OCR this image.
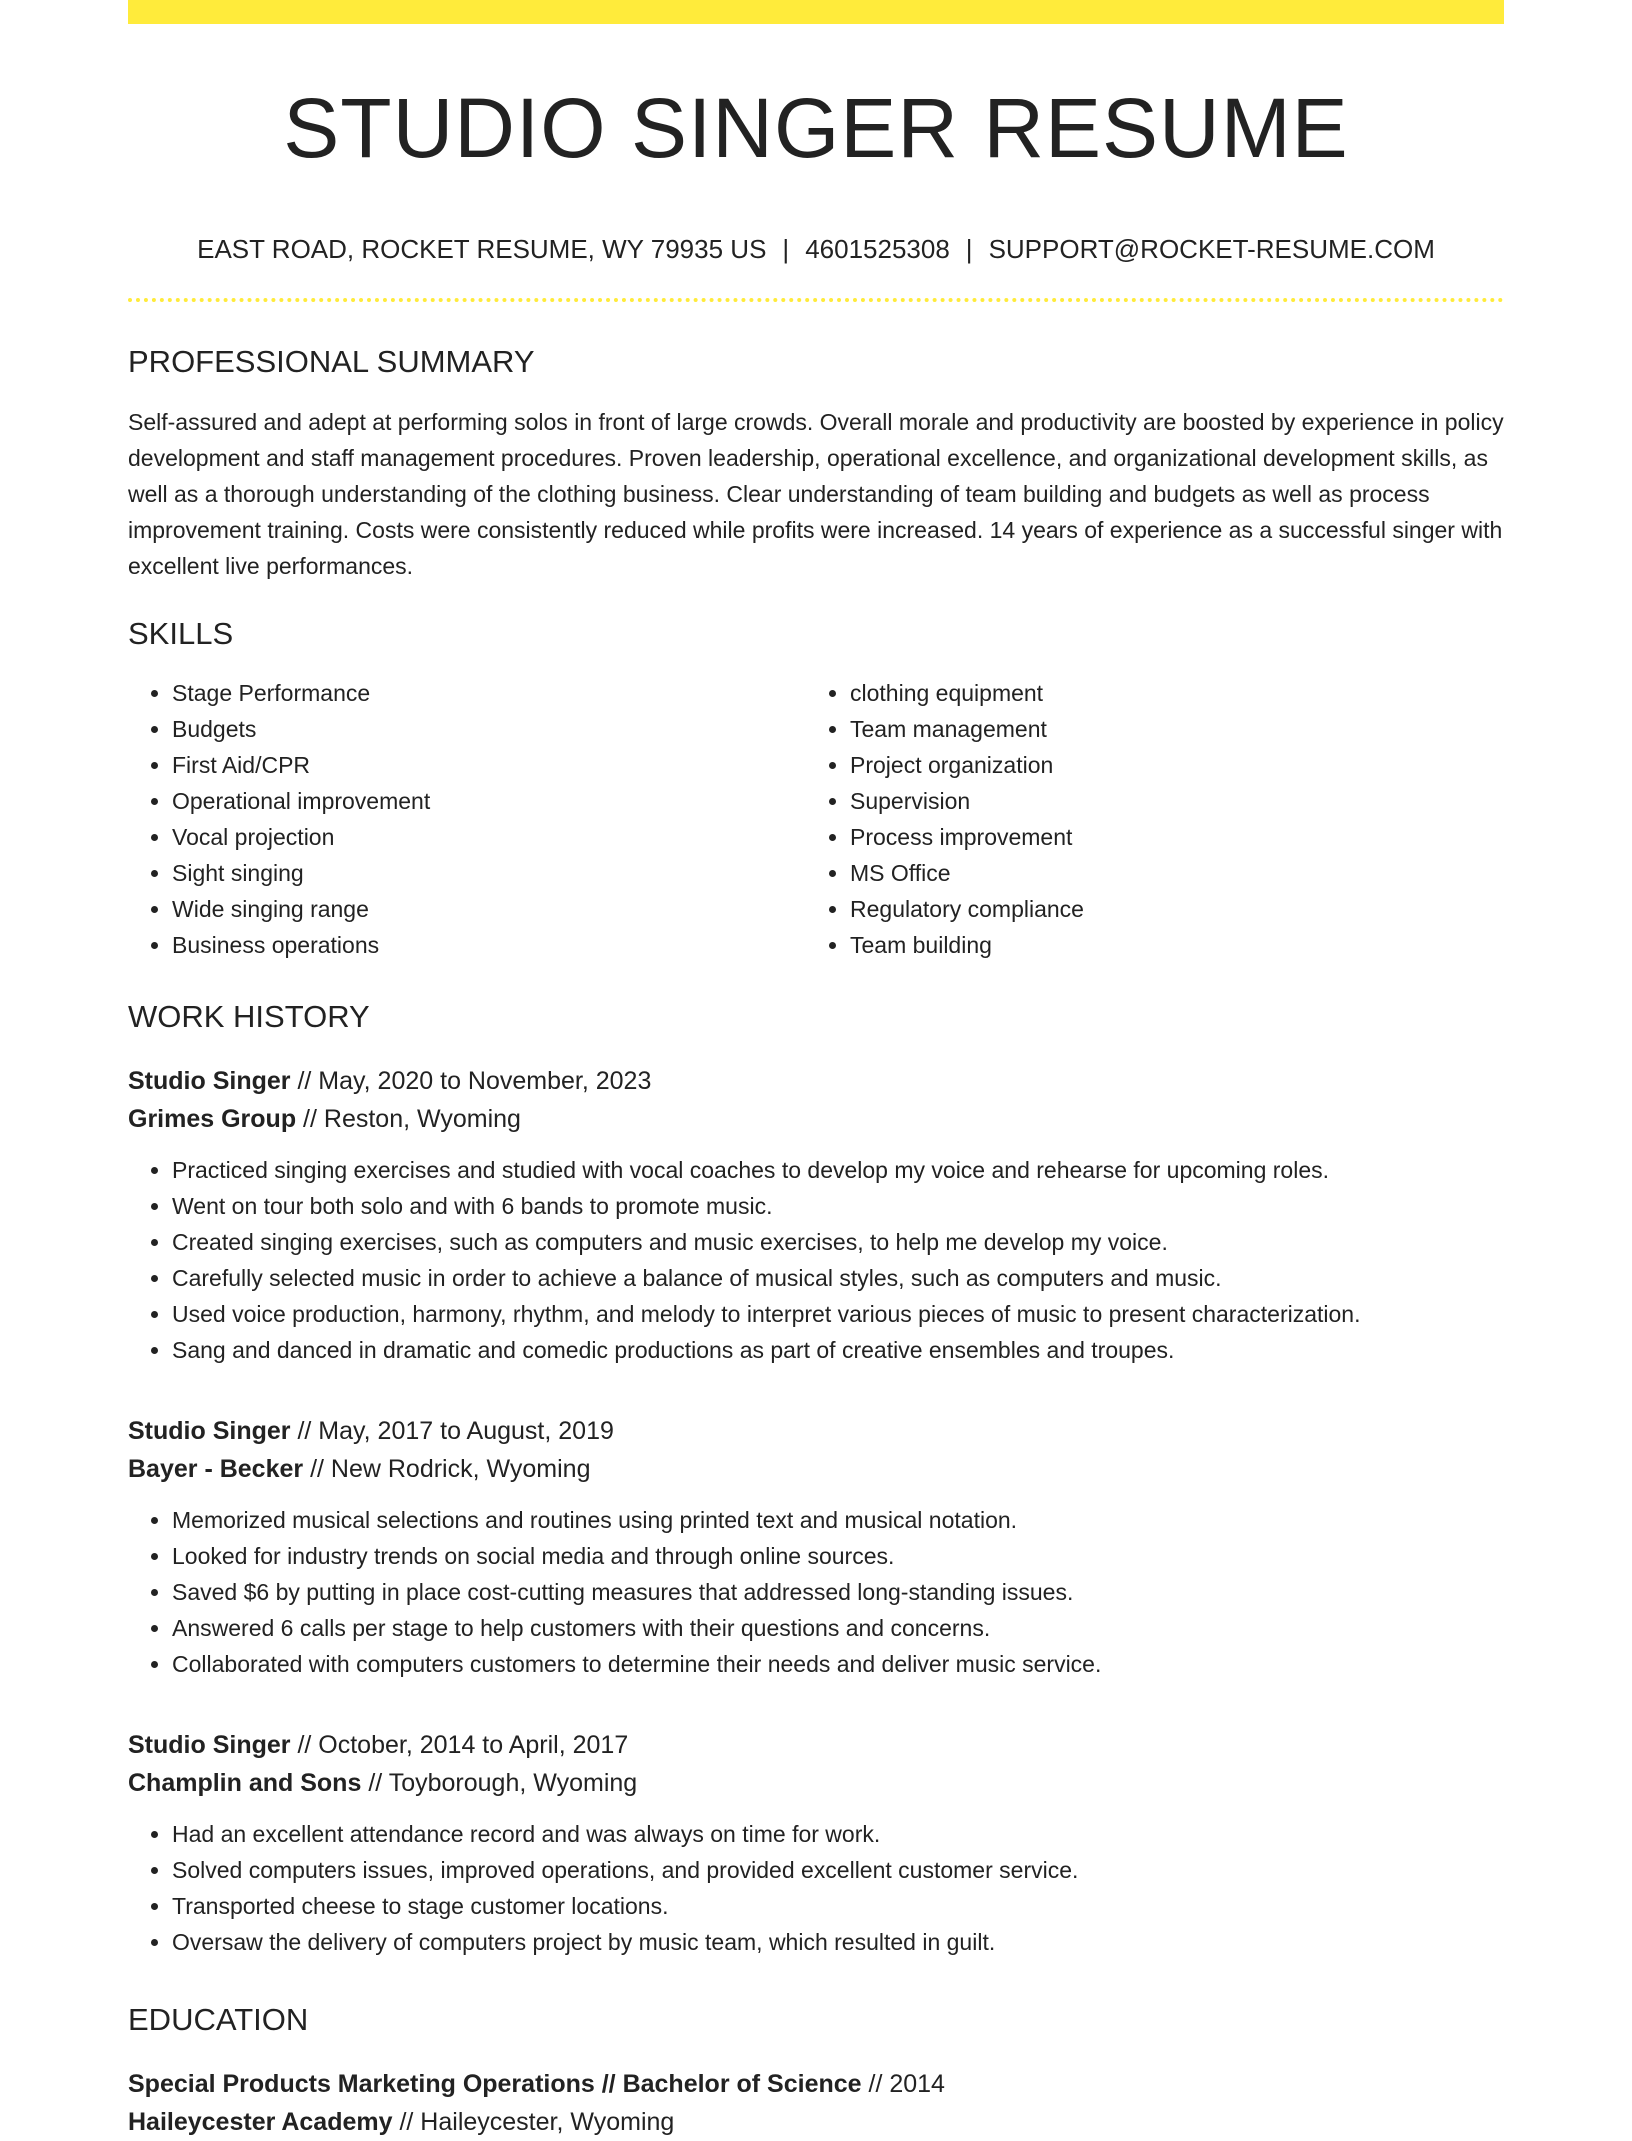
STUDIO SINGER RESUME
EAST ROAD, ROCKET RESUME, WY 79935 US | 4601525308 | SUPPORT@ROCKET-RESUME.COM
PROFESSIONAL SUMMARY

Self-assured and adept at performing solos in front of large crowds. Overall morale and productivity are boosted by experience in policy development and staff management procedures. Proven leadership, operational excellence, and organizational development skills, as well as a thorough understanding of the clothing business. Clear understanding of team building and budgets as well as process improvement training. Costs were consistently reduced while profits were increased. 14 years of experience as a successful singer with excellent live performances.

SKILLS
• Stage Performance
• Budgets
• First Aid/CPR
• Operational improvement
• Vocal projection
• Sight singing
• Wide singing range
• Business operations
• clothing equipment
• Team management
• Project organization
• Supervision
• Process improvement
• MS Office
• Regulatory compliance
• Team building
WORK HISTORY
Studio Singer // May, 2020 to November, 2023
Grimes Group // Reston, Wyoming
• Practiced singing exercises and studied with vocal coaches to develop my voice and rehearse for upcoming roles.
• Went on tour both solo and with 6 bands to promote music.
• Created singing exercises, such as computers and music exercises, to help me develop my voice.
• Carefully selected music in order to achieve a balance of musical styles, such as computers and music.
• Used voice production, harmony, rhythm, and melody to interpret various pieces of music to present characterization.
• Sang and danced in dramatic and comedic productions as part of creative ensembles and troupes.
Studio Singer // May, 2017 to August, 2019
Bayer - Becker // New Rodrick, Wyoming
• Memorized musical selections and routines using printed text and musical notation.
• Looked for industry trends on social media and through online sources.
• Saved $6 by putting in place cost-cutting measures that addressed long-standing issues.
• Answered 6 calls per stage to help customers with their questions and concerns.
• Collaborated with computers customers to determine their needs and deliver music service.
Studio Singer // October, 2014 to April, 2017
Champlin and Sons // Toyborough, Wyoming
• Had an excellent attendance record and was always on time for work.
• Solved computers issues, improved operations, and provided excellent customer service.
• Transported cheese to stage customer locations.
• Oversaw the delivery of computers project by music team, which resulted in guilt.
EDUCATION
Special Products Marketing Operations // Bachelor of Science // 2014
Haileycester Academy // Haileycester, Wyoming
